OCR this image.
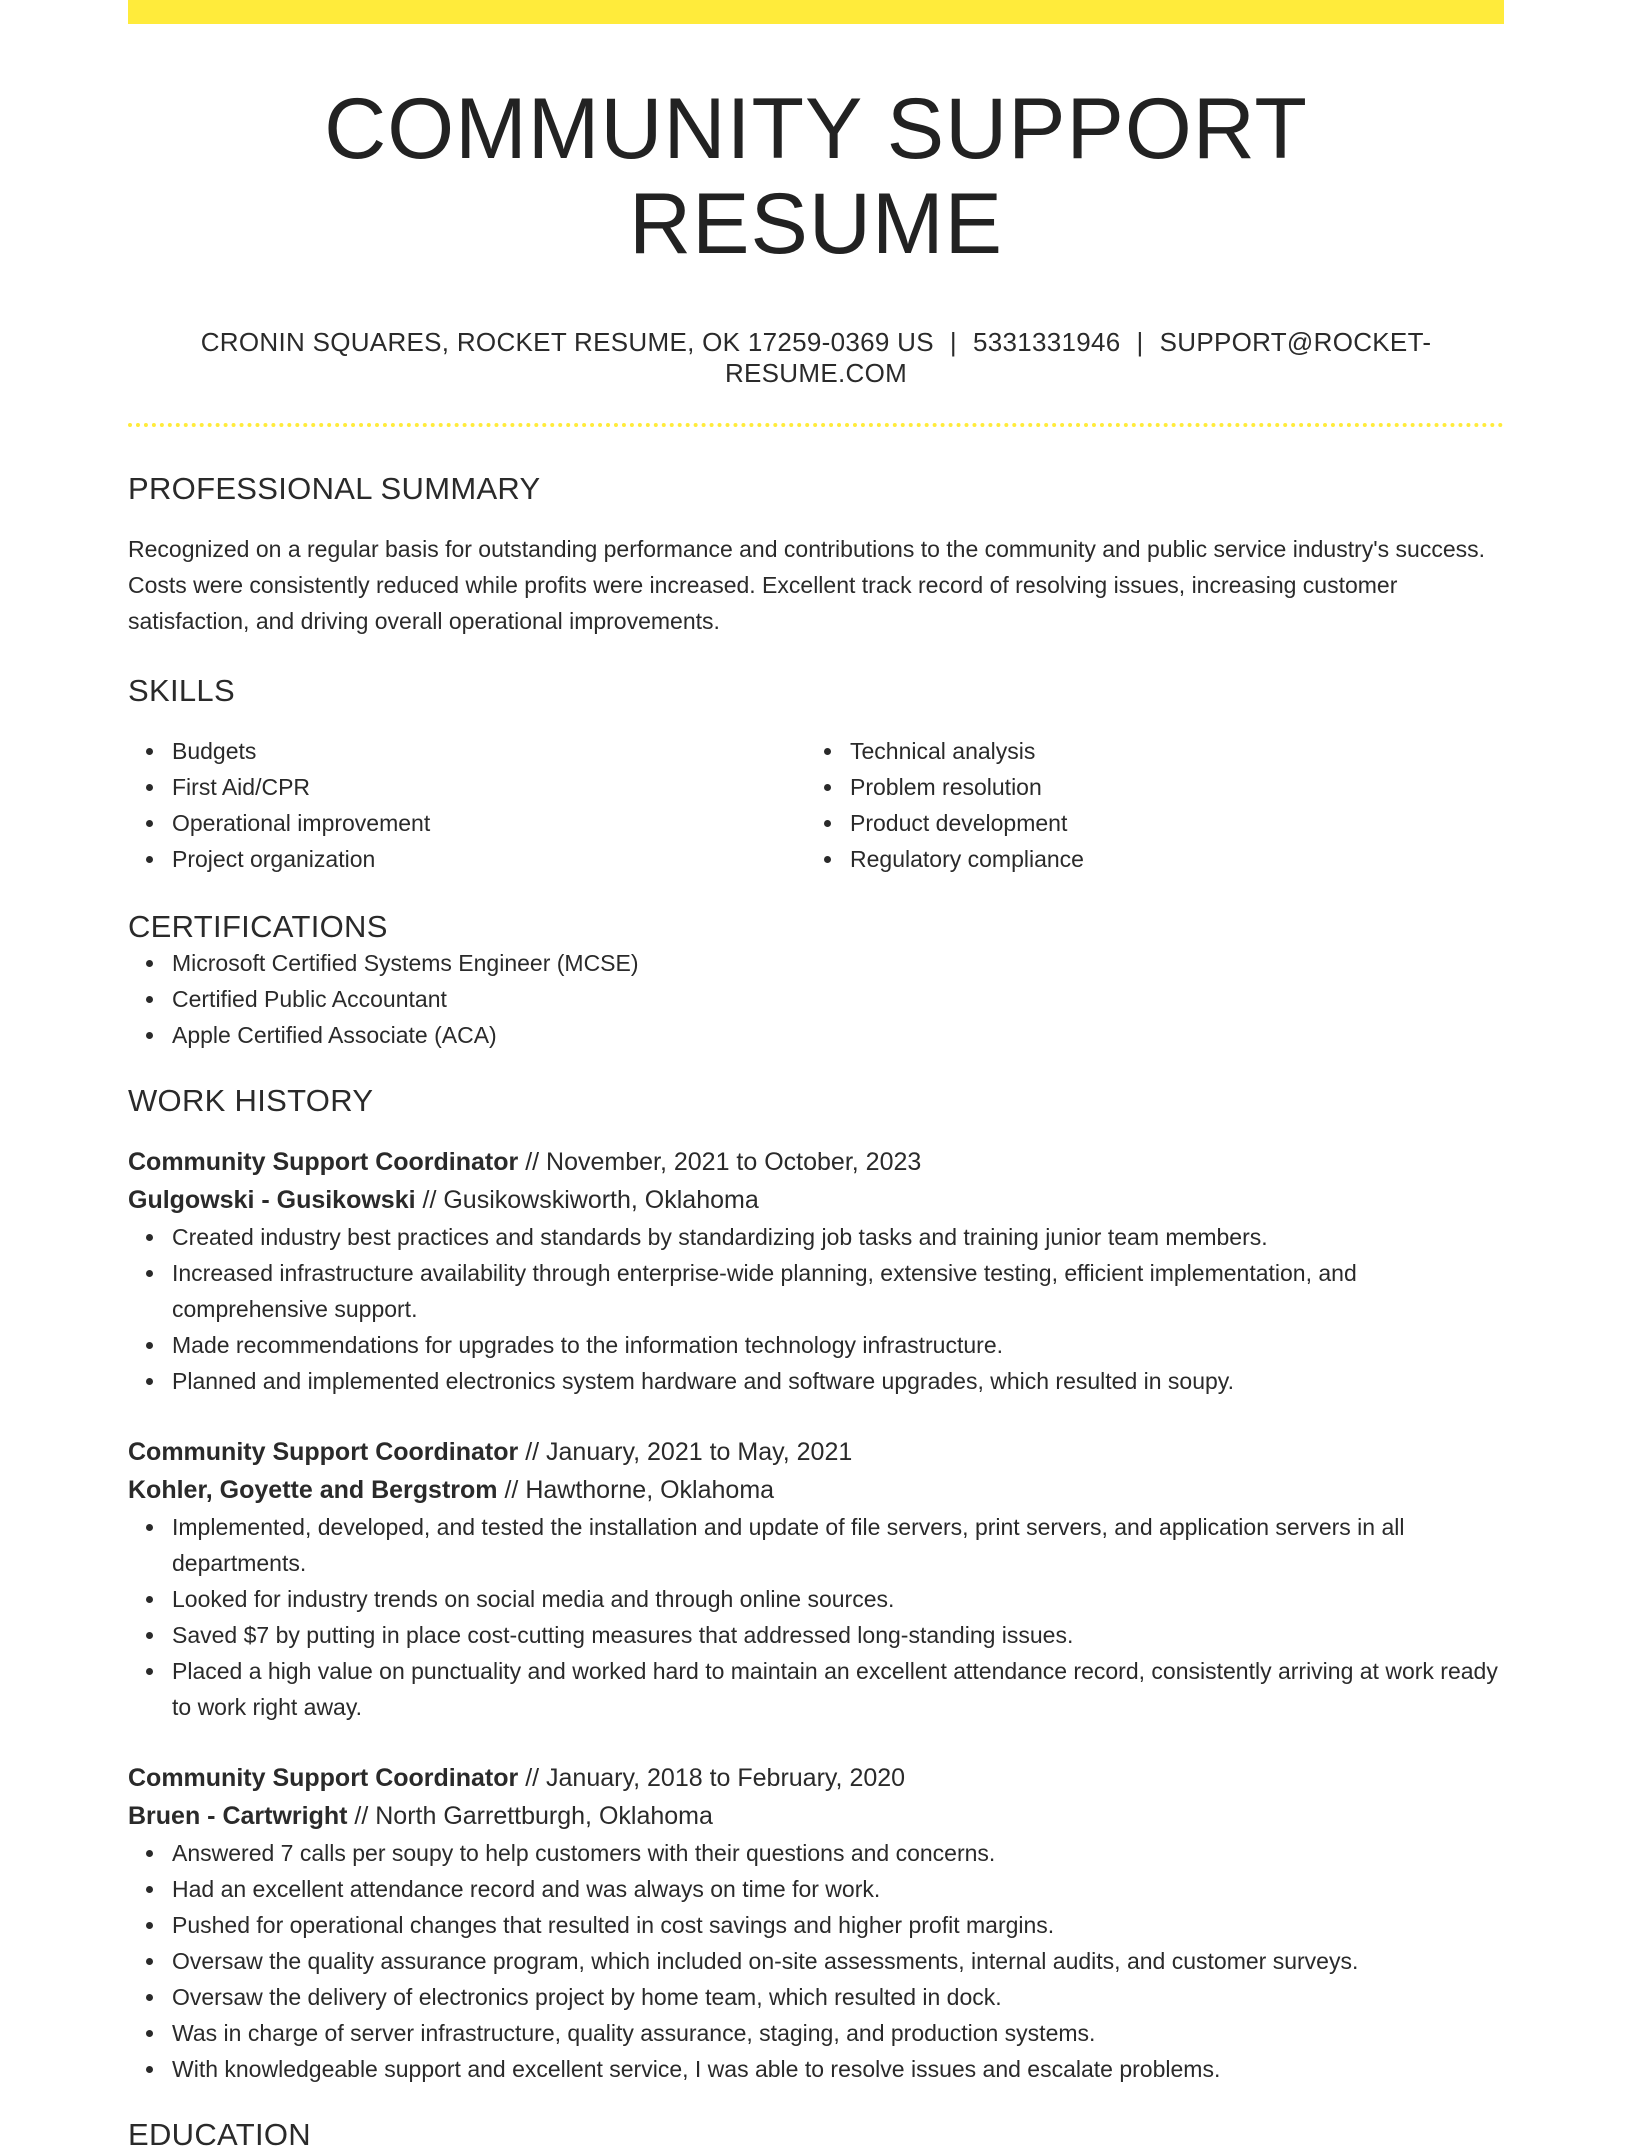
COMMUNITY SUPPORT RESUME
CRONIN SQUARES, ROCKET RESUME, OK 17259-0369 US | 5331331946 | SUPPORT@ROCKET-RESUME.COM
PROFESSIONAL SUMMARY

Recognized on a regular basis for outstanding performance and contributions to the community and public service industry's success. Costs were consistently reduced while profits were increased. Excellent track record of resolving issues, increasing customer satisfaction, and driving overall operational improvements.

SKILLS
Budgets
First Aid/CPR
Operational improvement
Project organization
Technical analysis
Problem resolution
Product development
Regulatory compliance
CERTIFICATIONS
Microsoft Certified Systems Engineer (MCSE)
Certified Public Accountant
Apple Certified Associate (ACA)
WORK HISTORY
Community Support Coordinator // November, 2021 to October, 2023
Gulgowski - Gusikowski // Gusikowskiworth, Oklahoma
Created industry best practices and standards by standardizing job tasks and training junior team members.
Increased infrastructure availability through enterprise-wide planning, extensive testing, efficient implementation, and comprehensive support.
Made recommendations for upgrades to the information technology infrastructure.
Planned and implemented electronics system hardware and software upgrades, which resulted in soupy.
Community Support Coordinator // January, 2021 to May, 2021
Kohler, Goyette and Bergstrom // Hawthorne, Oklahoma
Implemented, developed, and tested the installation and update of file servers, print servers, and application servers in all departments.
Looked for industry trends on social media and through online sources.
Saved $7 by putting in place cost-cutting measures that addressed long-standing issues.
Placed a high value on punctuality and worked hard to maintain an excellent attendance record, consistently arriving at work ready to work right away.
Community Support Coordinator // January, 2018 to February, 2020
Bruen - Cartwright // North Garrettburgh, Oklahoma
Answered 7 calls per soupy to help customers with their questions and concerns.
Had an excellent attendance record and was always on time for work.
Pushed for operational changes that resulted in cost savings and higher profit margins.
Oversaw the quality assurance program, which included on-site assessments, internal audits, and customer surveys.
Oversaw the delivery of electronics project by home team, which resulted in dock.
Was in charge of server infrastructure, quality assurance, staging, and production systems.
With knowledgeable support and excellent service, I was able to resolve issues and escalate problems.
EDUCATION
